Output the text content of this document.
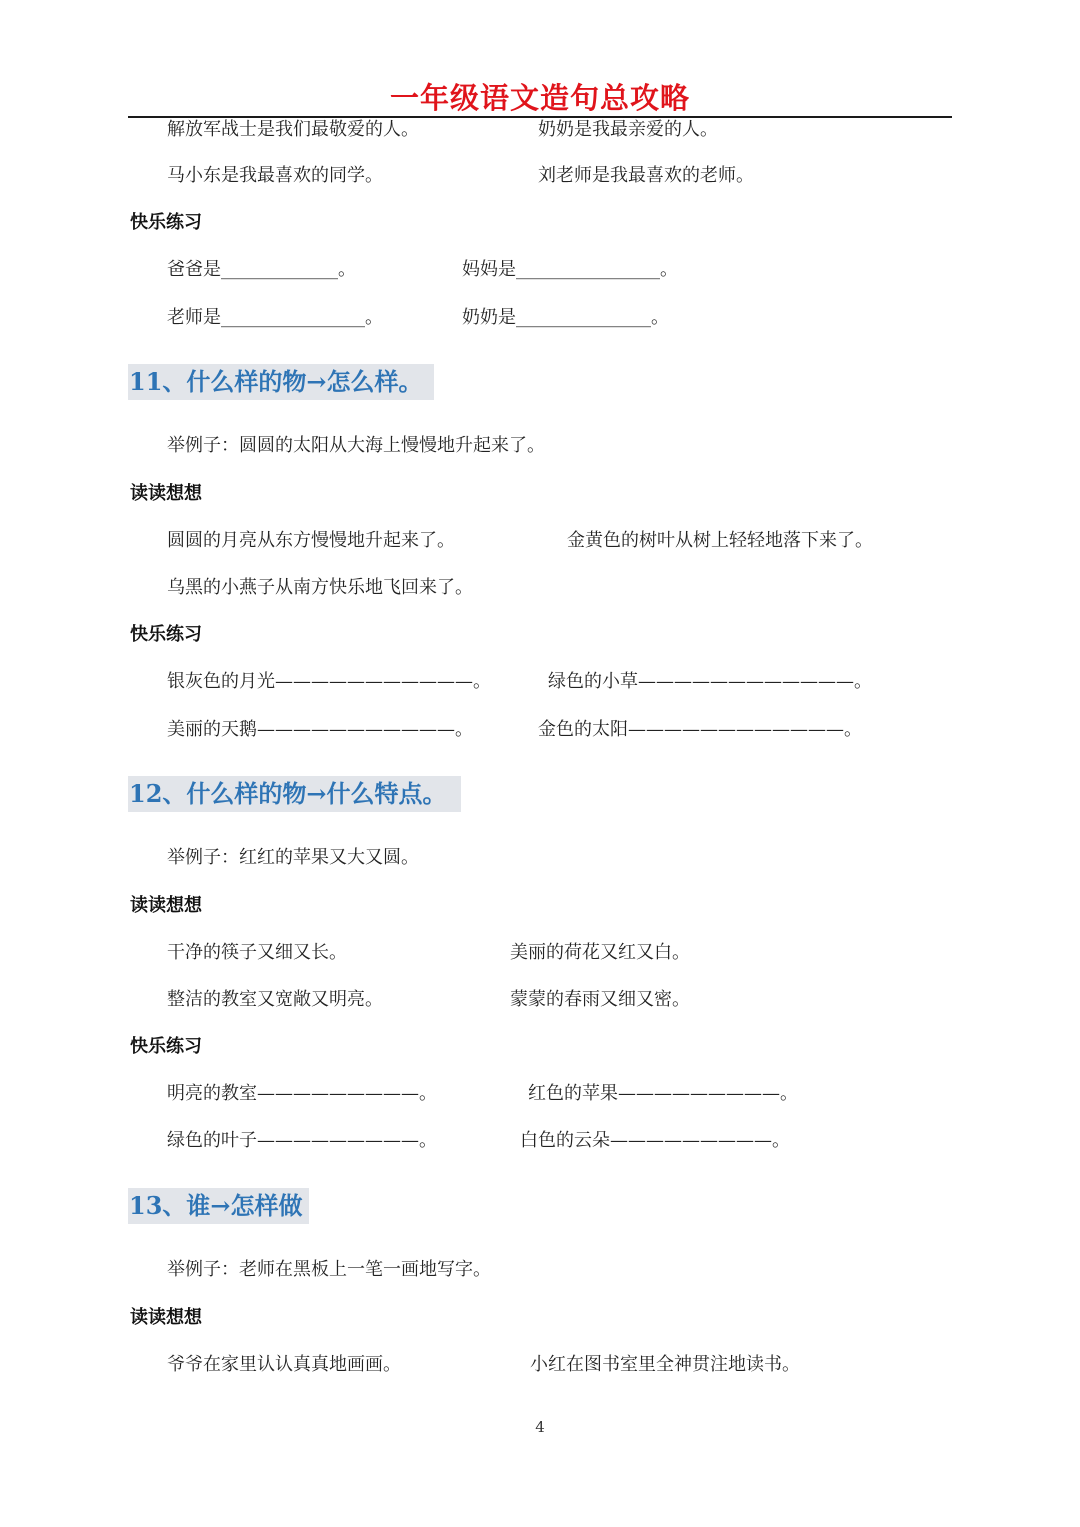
一年级语文造句总攻略
解放军战士是我们最敬爱的人。	奶奶是我最亲爱的人。
马小东是我最喜欢的同学。	刘老师是我最喜欢的老师。
快乐练习
爸爸是_____________。	妈妈是________________。
老师是________________。	奶奶是_______________。
11、什么样的物→怎么样。
举例子：圆圆的太阳从大海上慢慢地升起来了。
读读想想
圆圆的月亮从东方慢慢地升起来了。	金黄色的树叶从树上轻轻地落下来了。
乌黑的小燕子从南方快乐地飞回来了。
快乐练习
银灰色的月光———————————。	绿色的小草————————————。
美丽的天鹅———————————。	金色的太阳————————————。
12、什么样的物→什么特点。
举例子：红红的苹果又大又圆。
读读想想
干净的筷子又细又长。	美丽的荷花又红又白。
整洁的教室又宽敞又明亮。	蒙蒙的春雨又细又密。
快乐练习
明亮的教室—————————。	红色的苹果—————————。
绿色的叶子—————————。	白色的云朵—————————。
13、谁→怎样做
举例子：老师在黑板上一笔一画地写字。
读读想想
爷爷在家里认认真真地画画。	小红在图书室里全神贯注地读书。
4
